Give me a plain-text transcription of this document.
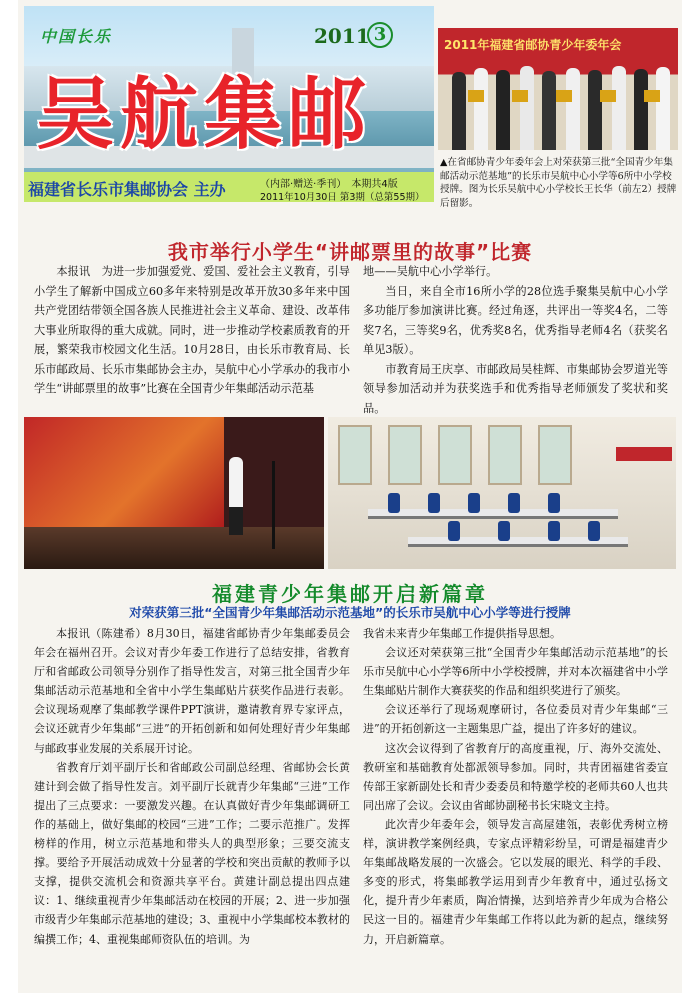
中国长乐	2011 3
吴航集邮
福建省长乐市集邮协会 主办	（内部·赠送·季刊）　 本期共4版
2011年10月30日 第3期（总第55期）
2011年福建省邮协青少年委年会
▲在省邮协青少年委年会上对荣获第三批“全国青少年集邮活动示范基地”的长乐市吴航中心小学等6所中小学校授牌。图为长乐吴航中心小学校长王长华（前左2）授牌后留影。
我市举行小学生“讲邮票里的故事”比赛

本报讯　为进一步加强爱党、爱国、爱社会主义教育，引导小学生了解新中国成立60多年来特别是改革开放30多年来中国共产党团结带领全国各族人民推进社会主义革命、建设、改革伟大事业所取得的重大成就。同时，进一步推动学校素质教育的开展，繁荣我市校园文化生活。10月28日，由长乐市教育局、长乐市邮政局、长乐市集邮协会主办，吴航中心小学承办的我市小学生“讲邮票里的故事”比赛在全国青少年集邮活动示范基

地——吴航中心小学举行。

当日，来自全市16所小学的28位选手聚集吴航中心小学多功能厅参加演讲比赛。经过角逐，共评出一等奖4名，二等奖7名，三等奖9名，优秀奖8名，优秀指导老师4名（获奖名单见3版）。

市教育局王庆享、市邮政局吴桂辉、市集邮协会罗道光等领导参加活动并为获奖选手和优秀指导老师颁发了奖状和奖品。

福建青少年集邮开启新篇章
对荣获第三批“全国青少年集邮活动示范基地”的长乐市吴航中心小学等进行授牌

本报讯（陈建希）8月30日，福建省邮协青少年集邮委员会年会在福州召开。会议对青少年委工作进行了总结安排，省教育厅和省邮政公司领导分别作了指导性发言，对第三批全国青少年集邮活动示范基地和全省中小学生集邮贴片获奖作品进行表彰。会议现场观摩了集邮教学课件PPT演讲，邀请教育界专家评点，会议还就青少年集邮“三进”的开拓创新和如何处理好青少年集邮与邮政事业发展的关系展开讨论。

省教育厅刘平副厅长和省邮政公司副总经理、省邮协会长黄建计到会做了指导性发言。刘平副厅长就青少年集邮“三进”工作提出了三点要求：一要激发兴趣。在认真做好青少年集邮调研工作的基础上，做好集邮的校园“三进”工作；二要示范推广。发挥榜样的作用，树立示范基地和带头人的典型形象；三要交流支撑。要给予开展活动成效十分显著的学校和突出贡献的教师予以支撑，提供交流机会和资源共享平台。黄建计副总提出四点建议：1、继续重视青少年集邮活动在校园的开展；2、进一步加强市级青少年集邮示范基地的建设；3、重视中小学集邮校本教材的编撰工作；4、重视集邮师资队伍的培训。为

我省未来青少年集邮工作提供指导思想。

会议还对荣获第三批“全国青少年集邮活动示范基地”的长乐市吴航中心小学等6所中小学校授牌，并对本次福建省中小学生集邮贴片制作大赛获奖的作品和组织奖进行了颁奖。

会议还举行了现场观摩研讨，各位委员对青少年集邮“三进”的开拓创新这一主题集思广益，提出了许多好的建议。

这次会议得到了省教育厅的高度重视，厅、海外交流处、教研室和基础教育处都派领导参加。同时，共青团福建省委宣传部王家新副处长和青少委委员和特邀学校的老师共60人也共同出席了会议。会议由省邮协副秘书长宋晓文主持。

此次青少年委年会，领导发言高屋建瓴，表彰优秀树立榜样，演讲教学案例经典，专家点评精彩纷呈，可谓是福建青少年集邮战略发展的一次盛会。它以发展的眼光、科学的手段、多变的形式，将集邮教学运用到青少年教育中，通过弘扬文化，提升青少年素质，陶冶情操，达到培养青少年成为合格公民这一目的。福建青少年集邮工作将以此为新的起点，继续努力，开启新篇章。
